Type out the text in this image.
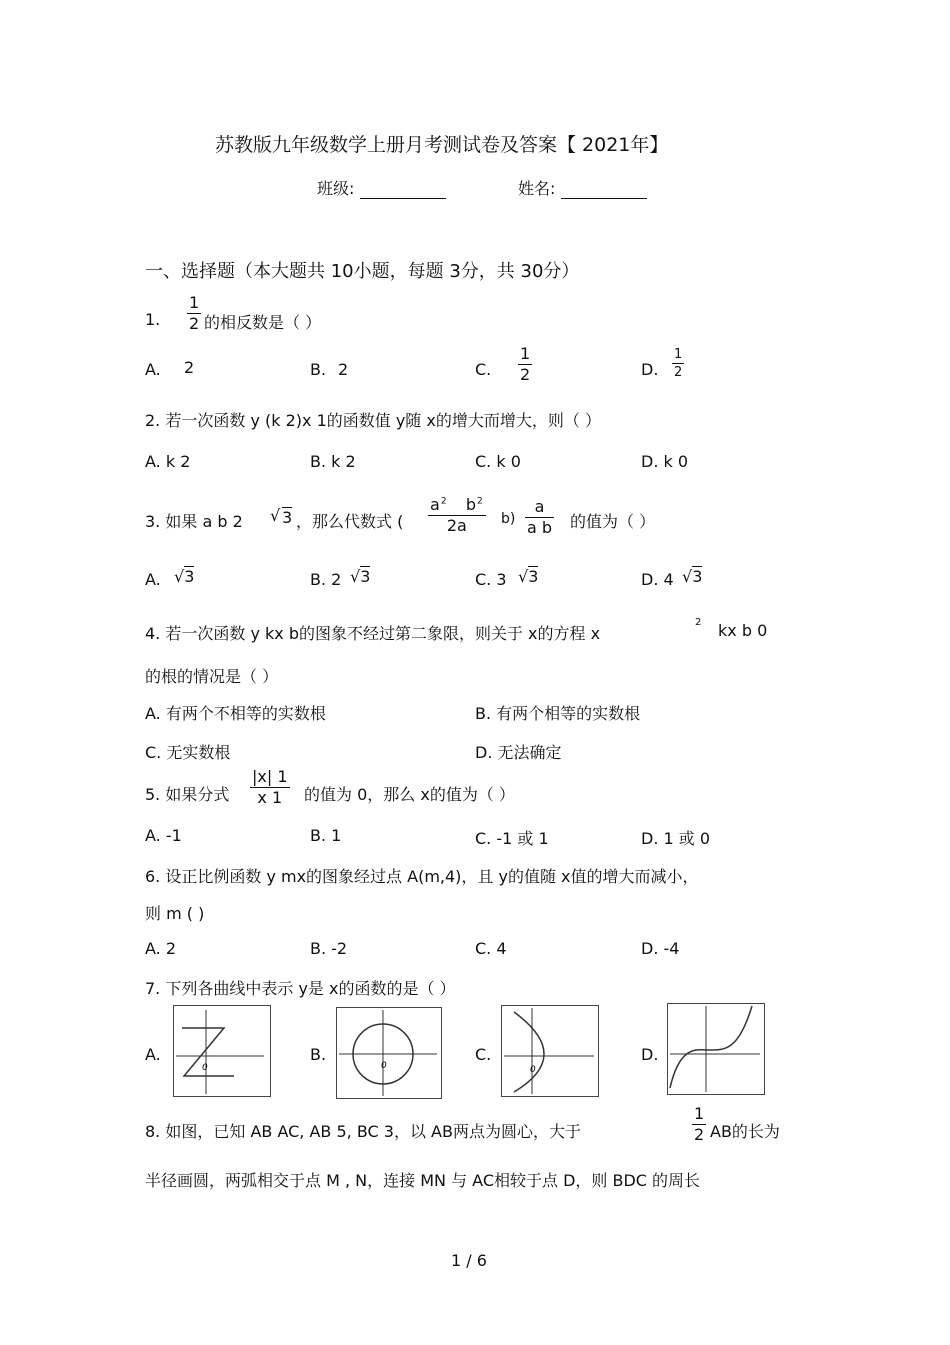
苏教版九年级数学上册月考测试卷及答案【 2021年】
班级:	姓名:
一、选择题（本大题共 10小题，每题 3分，共 30分）
1.
1
2 的相反数是（ ）
A. 2	B. 2	C.
1
2	D.
1
2
2. 若一次函数 y (k 2)x 1的函数值 y随 x的增大而增大，则（ ）
A. k 2	B. k 2	C. k 0	D. k 0
3. 如果 a b 2 √ 3 ，那么代数式 (
$a^2$ $b^2$
2a	b)
a
a b 的值为（ ）
A. √3	B. 2 √3	C. 3 √3	D. 4 √3
4. 若一次函数 y kx b的图象不经过第二象限，则关于 x的方程 x
2 kx b 0
的根的情况是（ ）
A. 有两个不相等的实数根	B. 有两个相等的实数根
C. 无实数根	D. 无法确定
5. 如果分式
|x| 1
x 1	的值为 0，那么 x的值为（ ）
A. -1	B. 1	C. -1 或 1	D. 1 或 0
6. 设正比例函数 y mx的图象经过点 A(m,4)，且 y的值随 x值的增大而减小，
则 m ( )
A. 2	B. -2	C. 4	D. -4
7. 下列各曲线中表示 y是 x的函数的是（ ）
A.
0
B.
0
C.
0
D.
8. 如图，已知 AB AC, AB 5, BC 3，以 AB两点为圆心，大于
1
2 AB的长为
半径画圆，两弧相交于点 M , N，连接 MN 与 AC相较于点 D，则 BDC 的周长
1 / 6
